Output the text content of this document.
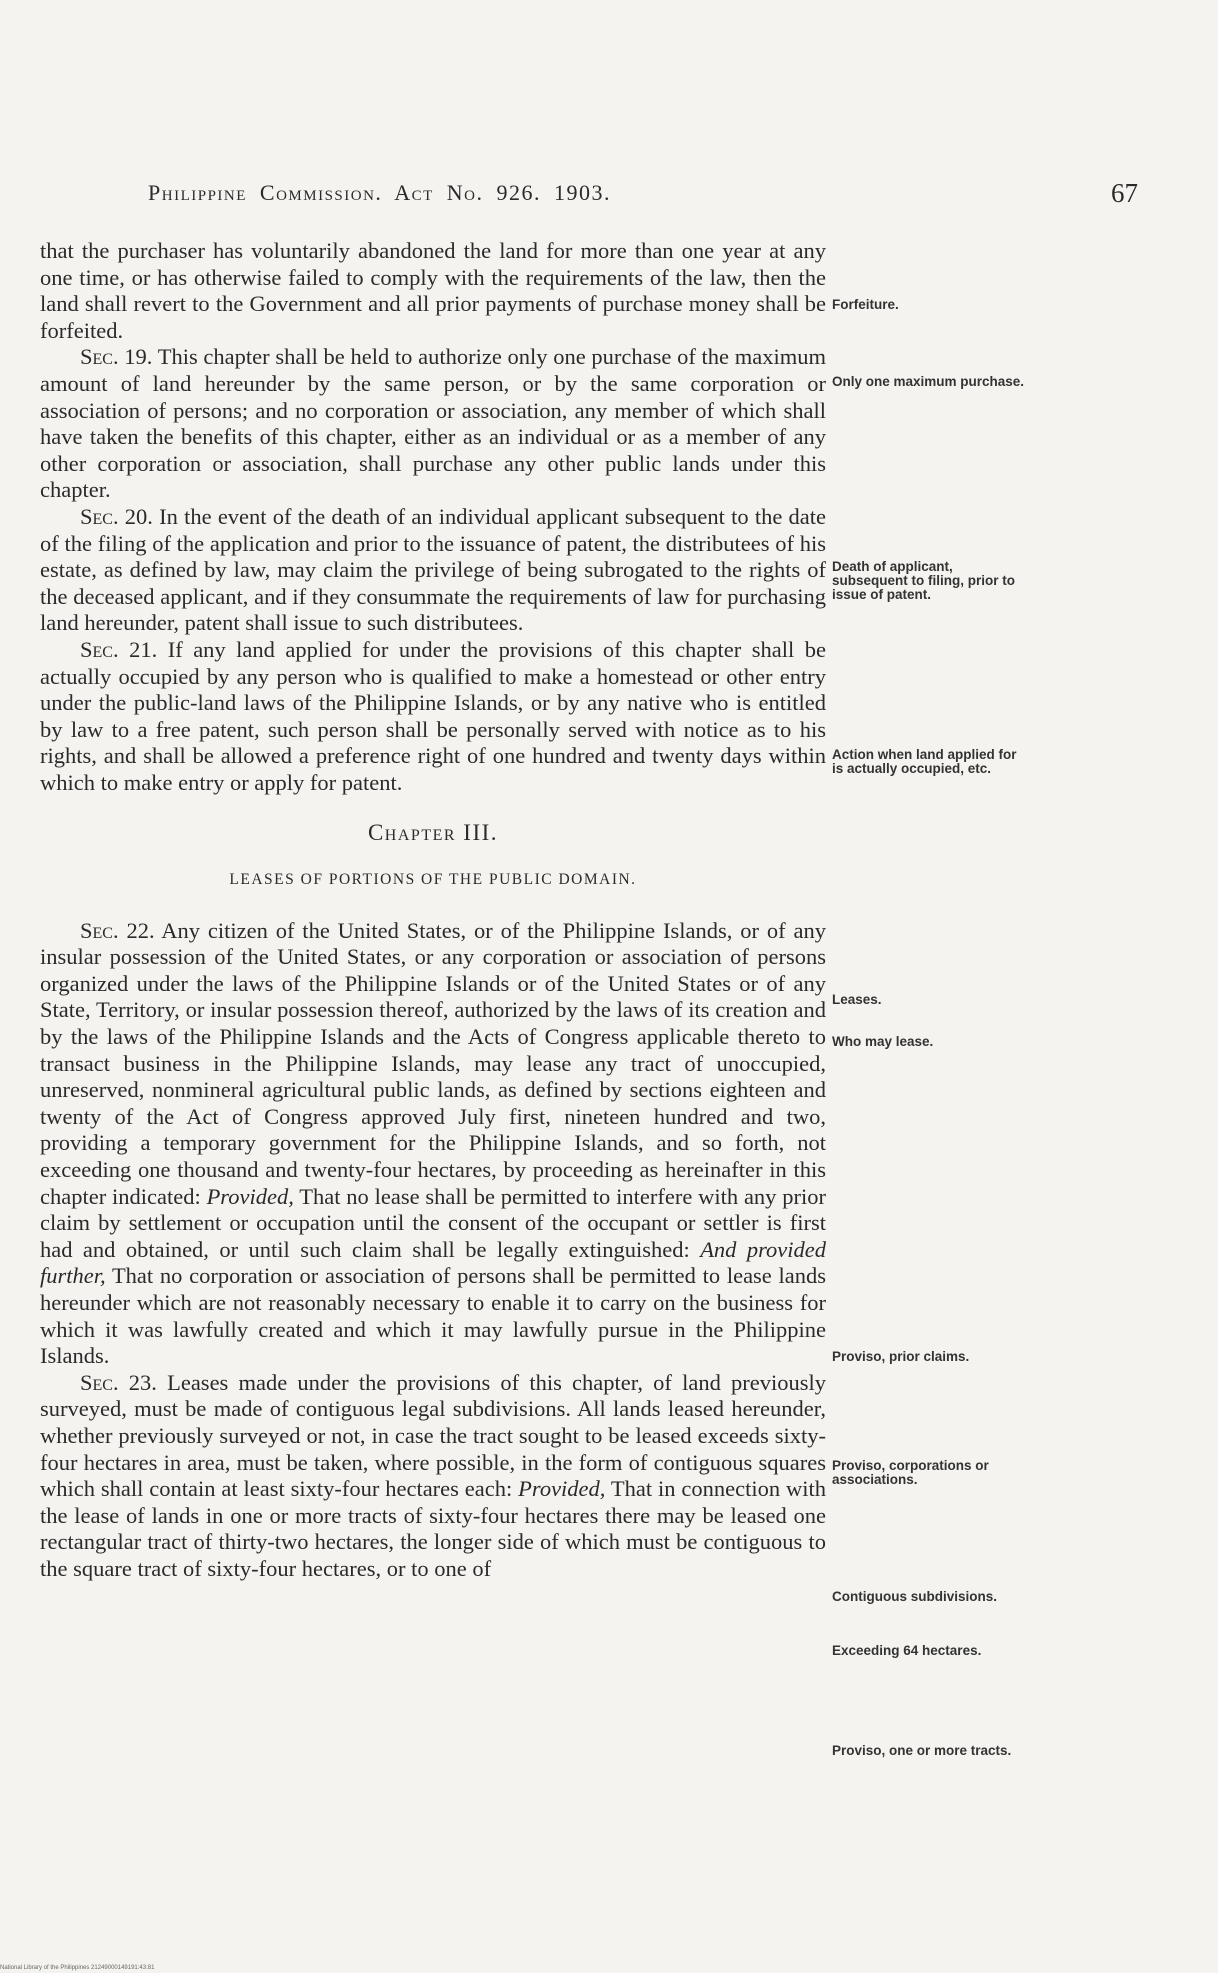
Philippine Commission. Act No. 926. 1903.	67

that the purchaser has voluntarily abandoned the land for more than one year at any one time, or has otherwise failed to comply with the requirements of the law, then the land shall revert to the Government and all prior payments of purchase money shall be forfeited.

Sec. 19. This chapter shall be held to authorize only one purchase of the maximum amount of land hereunder by the same person, or by the same corporation or association of persons; and no corporation or association, any member of which shall have taken the benefits of this chapter, either as an individual or as a member of any other corporation or association, shall purchase any other public lands under this chapter.

Sec. 20. In the event of the death of an individual applicant subsequent to the date of the filing of the application and prior to the issuance of patent, the distributees of his estate, as defined by law, may claim the privilege of being subrogated to the rights of the deceased applicant, and if they consummate the requirements of law for purchasing land hereunder, patent shall issue to such distributees.

Sec. 21. If any land applied for under the provisions of this chapter shall be actually occupied by any person who is qualified to make a homestead or other entry under the public-land laws of the Philippine Islands, or by any native who is entitled by law to a free patent, such person shall be personally served with notice as to his rights, and shall be allowed a preference right of one hundred and twenty days within which to make entry or apply for patent.

Chapter III.
LEASES OF PORTIONS OF THE PUBLIC DOMAIN.

Sec. 22. Any citizen of the United States, or of the Philippine Islands, or of any insular possession of the United States, or any corporation or association of persons organized under the laws of the Philippine Islands or of the United States or of any State, Territory, or insular possession thereof, authorized by the laws of its creation and by the laws of the Philippine Islands and the Acts of Congress applicable thereto to transact business in the Philippine Islands, may lease any tract of unoccupied, unreserved, nonmineral agricultural public lands, as defined by sections eighteen and twenty of the Act of Congress approved July first, nineteen hundred and two, providing a temporary government for the Philippine Islands, and so forth, not exceeding one thousand and twenty-four hectares, by proceeding as hereinafter in this chapter indicated: Provided, That no lease shall be permitted to interfere with any prior claim by settlement or occupation until the consent of the occupant or settler is first had and obtained, or until such claim shall be legally extinguished: And provided further, That no corporation or association of persons shall be permitted to lease lands hereunder which are not reasonably necessary to enable it to carry on the business for which it was lawfully created and which it may lawfully pursue in the Philippine Islands.

Sec. 23. Leases made under the provisions of this chapter, of land previously surveyed, must be made of contiguous legal subdivisions. All lands leased hereunder, whether previously surveyed or not, in case the tract sought to be leased exceeds sixty-four hectares in area, must be taken, where possible, in the form of contiguous squares which shall contain at least sixty-four hectares each: Provided, That in connection with the lease of lands in one or more tracts of sixty-four hectares there may be leased one rectangular tract of thirty-two hectares, the longer side of which must be contiguous to the square tract of sixty-four hectares, or to one of

Forfeiture.
Only one maximum purchase.
Death of applicant, subsequent to filing, prior to issue of patent.
Action when land applied for is actually occupied, etc.
Leases.
Who may lease.
Proviso, prior claims.
Proviso, corporations or associations.
Contiguous subdivisions.
Exceeding 64 hectares.
Proviso, one or more tracts.
National Library of the Philippines 21249000149191:43:81
